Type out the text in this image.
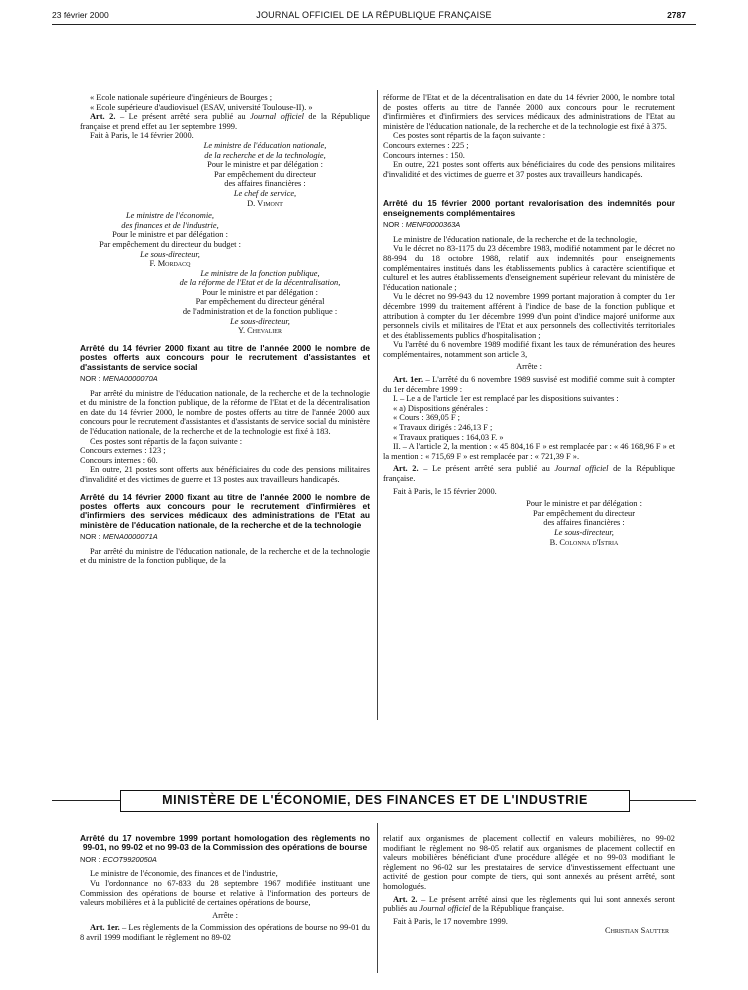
23 février 2000	JOURNAL OFFICIEL DE LA RÉPUBLIQUE FRANÇAISE	2787

« Ecole nationale supérieure d'ingénieurs de Bourges ;

« Ecole supérieure d'audiovisuel (ESAV, université Toulouse-II). »

Art. 2. – Le présent arrêté sera publié au Journal officiel de la République française et prend effet au 1er septembre 1999.

Fait à Paris, le 14 février 2000.

Le ministre de l'éducation nationale,
de la recherche et de la technologie,
Pour le ministre et par délégation :
Par empêchement du directeur
des affaires financières :
Le chef de service,
D. Vimont
Le ministre de l'économie,
des finances et de l'industrie,
Pour le ministre et par délégation :
Par empêchement du directeur du budget :
Le sous-directeur,
F. Mordacq
Le ministre de la fonction publique,
de la réforme de l'Etat et de la décentralisation,
Pour le ministre et par délégation :
Par empêchement du directeur général
de l'administration et de la fonction publique :
Le sous-directeur,
Y. Chevalier

Arrêté du 14 février 2000 fixant au titre de l'année 2000 le nombre de postes offerts aux concours pour le recrutement d'assistantes et d'assistants de service social

NOR : MENA0000070A

Par arrêté du ministre de l'éducation nationale, de la recherche et de la technologie et du ministre de la fonction publique, de la réforme de l'Etat et de la décentralisation en date du 14 février 2000, le nombre de postes offerts au titre de l'année 2000 aux concours pour le recrutement d'assistantes et d'assistants de service social du ministère de l'éducation nationale, de la recherche et de la technologie est fixé à 183.

Ces postes sont répartis de la façon suivante :

Concours externes : 123 ;

Concours internes : 60.

En outre, 21 postes sont offerts aux bénéficiaires du code des pensions militaires d'invalidité et des victimes de guerre et 13 postes aux travailleurs handicapés.

Arrêté du 14 février 2000 fixant au titre de l'année 2000 le nombre de postes offerts aux concours pour le recrutement d'infirmières et d'infirmiers des services médicaux des administrations de l'Etat au ministère de l'éducation nationale, de la recherche et de la technologie

NOR : MENA0000071A

Par arrêté du ministre de l'éducation nationale, de la recherche et de la technologie et du ministre de la fonction publique, de la

réforme de l'Etat et de la décentralisation en date du 14 février 2000, le nombre total de postes offerts au titre de l'année 2000 aux concours pour le recrutement d'infirmières et d'infirmiers des services médicaux des administrations de l'Etat au ministère de l'éducation nationale, de la recherche et de la technologie est fixé à 375.

Ces postes sont répartis de la façon suivante :

Concours externes : 225 ;

Concours internes : 150.

En outre, 221 postes sont offerts aux bénéficiaires du code des pensions militaires d'invalidité et des victimes de guerre et 37 postes aux travailleurs handicapés.

Arrêté du 15 février 2000 portant revalorisation des indemnités pour enseignements complémentaires

NOR : MENF0000363A

Le ministre de l'éducation nationale, de la recherche et de la technologie,

Vu le décret no 83-1175 du 23 décembre 1983, modifié notamment par le décret no 88-994 du 18 octobre 1988, relatif aux indemnités pour enseignements complémentaires institués dans les établissements publics à caractère scientifique et culturel et les autres établissements d'enseignement supérieur relevant du ministère de l'éducation nationale ;

Vu le décret no 99-943 du 12 novembre 1999 portant majoration à compter du 1er décembre 1999 du traitement afférent à l'indice de base de la fonction publique et attribution à compter du 1er décembre 1999 d'un point d'indice majoré uniforme aux personnels civils et militaires de l'Etat et aux personnels des collectivités territoriales et des établissements publics d'hospitalisation ;

Vu l'arrêté du 6 novembre 1989 modifié fixant les taux de rémunération des heures complémentaires, notamment son article 3,

Arrête :

Art. 1er. – L'arrêté du 6 novembre 1989 susvisé est modifié comme suit à compter du 1er décembre 1999 :

I. – Le a de l'article 1er est remplacé par les dispositions suivantes :

« a) Dispositions générales :

« Cours : 369,05 F ;

« Travaux dirigés : 246,13 F ;

« Travaux pratiques : 164,03 F. »

II. – A l'article 2, la mention : « 45 804,16 F » est remplacée par : « 46 168,96 F » et la mention : « 715,69 F » est remplacée par : « 721,39 F ».

Art. 2. – Le présent arrêté sera publié au Journal officiel de la République française.

Fait à Paris, le 15 février 2000.

Pour le ministre et par délégation :
Par empêchement du directeur
des affaires financières :
Le sous-directeur,
B. Colonna d'Istria
MINISTÈRE DE L'ÉCONOMIE, DES FINANCES ET DE L'INDUSTRIE

Arrêté du 17 novembre 1999 portant homologation des règlements no 99-01, no 99-02 et no 99-03 de la Commission des opérations de bourse

NOR : ECOT9920050A

Le ministre de l'économie, des finances et de l'industrie,

Vu l'ordonnance no 67-833 du 28 septembre 1967 modifiée instituant une Commission des opérations de bourse et relative à l'information des porteurs de valeurs mobilières et à la publicité de certaines opérations de bourse,

Arrête :

Art. 1er. – Les règlements de la Commission des opérations de bourse no 99-01 du 8 avril 1999 modifiant le règlement no 89-02

relatif aux organismes de placement collectif en valeurs mobilières, no 99-02 modifiant le règlement no 98-05 relatif aux organismes de placement collectif en valeurs mobilières bénéficiant d'une procédure allégée et no 99-03 modifiant le règlement no 96-02 sur les prestataires de service d'investissement effectuant une activité de gestion pour compte de tiers, qui sont annexés au présent arrêté, sont homologués.

Art. 2. – Le présent arrêté ainsi que les règlements qui lui sont annexés seront publiés au Journal officiel de la République française.

Fait à Paris, le 17 novembre 1999.

Christian Sautter
